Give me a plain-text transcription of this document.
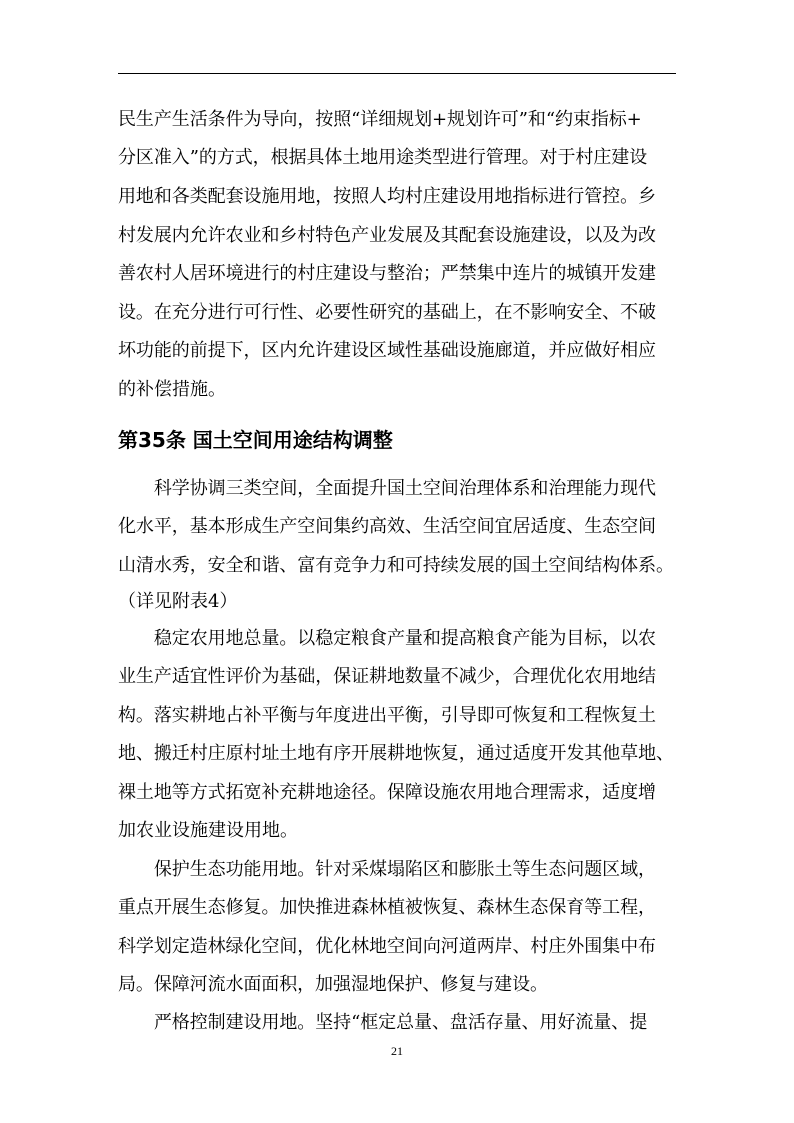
民生产生活条件为导向，按照“详细规划+规划许可”和“约束指标+
分区准入”的方式，根据具体土地用途类型进行管理。对于村庄建设
用地和各类配套设施用地，按照人均村庄建设用地指标进行管控。乡
村发展内允许农业和乡村特色产业发展及其配套设施建设，以及为改
善农村人居环境进行的村庄建设与整治；严禁集中连片的城镇开发建
设。在充分进行可行性、必要性研究的基础上，在不影响安全、不破
坏功能的前提下，区内允许建设区域性基础设施廊道，并应做好相应
的补偿措施。
第35条 国土空间用途结构调整
　　科学协调三类空间，全面提升国土空间治理体系和治理能力现代
化水平，基本形成生产空间集约高效、生活空间宜居适度、生态空间
山清水秀，安全和谐、富有竞争力和可持续发展的国土空间结构体系。
（详见附表4）
　　稳定农用地总量。以稳定粮食产量和提高粮食产能为目标，以农
业生产适宜性评价为基础，保证耕地数量不减少，合理优化农用地结
构。落实耕地占补平衡与年度进出平衡，引导即可恢复和工程恢复土
地、搬迁村庄原村址土地有序开展耕地恢复，通过适度开发其他草地、
裸土地等方式拓宽补充耕地途径。保障设施农用地合理需求，适度增
加农业设施建设用地。
　　保护生态功能用地。针对采煤塌陷区和膨胀土等生态问题区域，
重点开展生态修复。加快推进森林植被恢复、森林生态保育等工程，
科学划定造林绿化空间，优化林地空间向河道两岸、村庄外围集中布
局。保障河流水面面积，加强湿地保护、修复与建设。
　　严格控制建设用地。坚持“框定总量、盘活存量、用好流量、提
21
